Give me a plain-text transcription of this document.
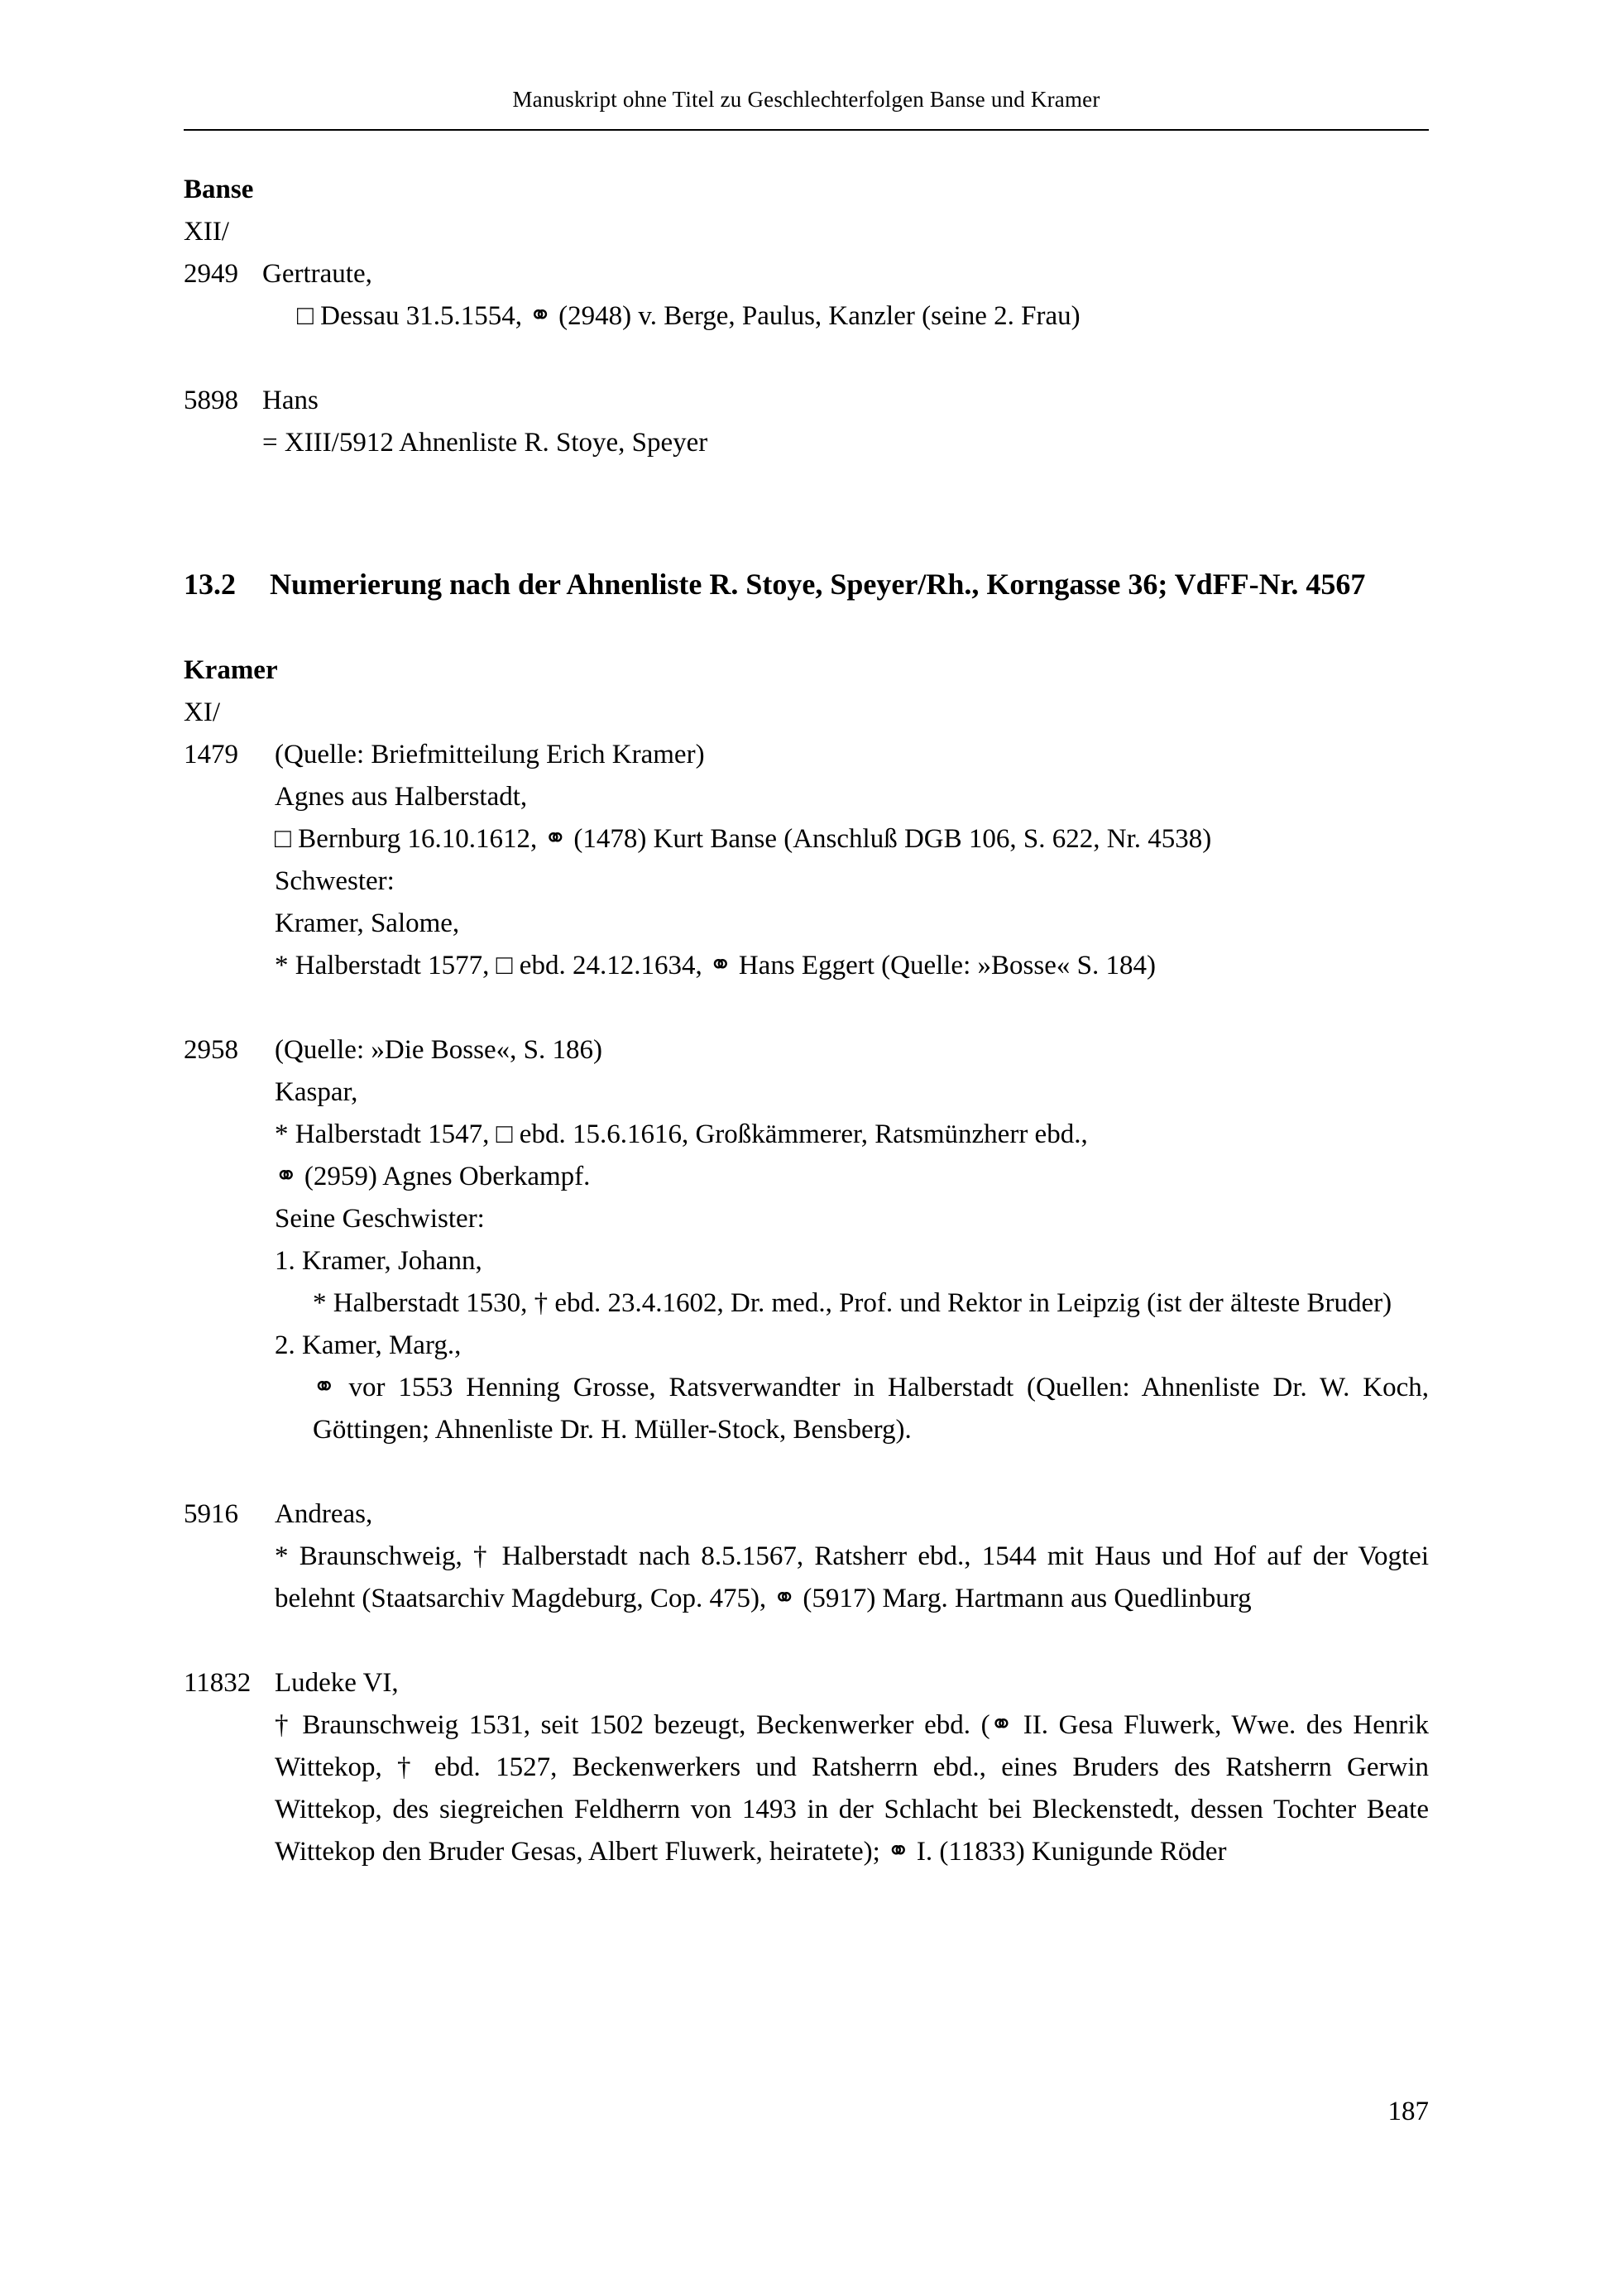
Manuskript ohne Titel zu Geschlechterfolgen Banse und Kramer
Banse
XII/
2949 Gertraute,
□ Dessau 31.5.1554, ⚭ (2948) v. Berge, Paulus, Kanzler (seine 2. Frau)
5898 Hans
= XIII/5912 Ahnenliste R. Stoye, Speyer
13.2	Numerierung nach der Ahnenliste R. Stoye, Speyer/Rh., Korngasse 36; VdFF-Nr. 4567
Kramer
XI/
1479	(Quelle: Briefmitteilung Erich Kramer)
Agnes aus Halberstadt,
□ Bernburg 16.10.1612, ⚭ (1478) Kurt Banse (Anschluß DGB 106, S. 622, Nr. 4538)
Schwester:
Kramer, Salome,
* Halberstadt 1577, □ ebd. 24.12.1634, ⚭ Hans Eggert (Quelle: »Bosse« S. 184)
2958	(Quelle: »Die Bosse«, S. 186)
Kaspar,
* Halberstadt 1547, □ ebd. 15.6.1616, Großkämmerer, Ratsmünzherr ebd.,
⚭ (2959) Agnes Oberkampf.
Seine Geschwister:
1. Kramer, Johann,
* Halberstadt 1530, † ebd. 23.4.1602, Dr. med., Prof. und Rektor in Leipzig (ist der älteste Bruder)
2. Kamer, Marg.,
⚭ vor 1553 Henning Grosse, Ratsverwandter in Halberstadt (Quellen: Ahnenliste Dr. W. Koch, Göttingen; Ahnenliste Dr. H. Müller-Stock, Bensberg).
5916	Andreas,
* Braunschweig, † Halberstadt nach 8.5.1567, Ratsherr ebd., 1544 mit Haus und Hof auf der Vogtei belehnt (Staatsarchiv Magdeburg, Cop. 475), ⚭ (5917) Marg. Hartmann aus Quedlinburg
11832 Ludeke VI,
† Braunschweig 1531, seit 1502 bezeugt, Beckenwerker ebd. (⚭ II. Gesa Fluwerk, Wwe. des Henrik Wittekop, † ebd. 1527, Beckenwerkers und Ratsherrn ebd., eines Bruders des Ratsherrn Gerwin Wittekop, des siegreichen Feldherrn von 1493 in der Schlacht bei Bleckenstedt, dessen Tochter Beate Wittekop den Bruder Gesas, Albert Fluwerk, heiratete); ⚭ I. (11833) Kunigunde Röder
187
